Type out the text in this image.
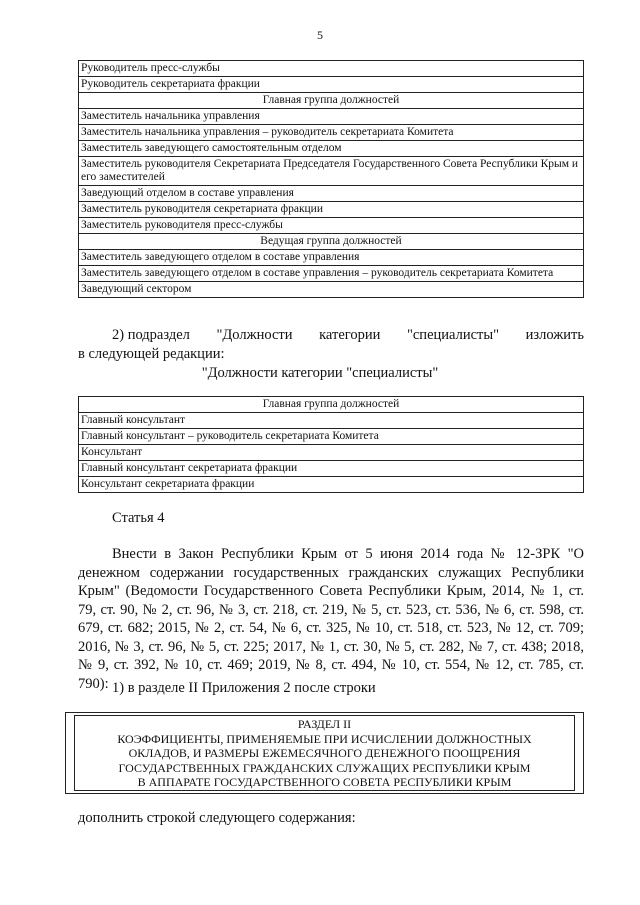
5
Руководитель пресс-службы
Руководитель секретариата фракции
Главная группа должностей
Заместитель начальника управления
Заместитель начальника управления – руководитель секретариата Комитета
Заместитель заведующего самостоятельным отделом
Заместитель руководителя Секретариата Председателя Государственного Совета Республики Крым и его заместителей
Заведующий отделом в составе управления
Заместитель руководителя секретариата фракции
Заместитель руководителя пресс-службы
Ведущая группа должностей
Заместитель заведующего отделом в составе управления
Заместитель заведующего отделом в составе управления – руководитель секретариата Комитета
Заведующий сектором
2) подраздел "Должности категории "специалисты" изложить
в следующей редакции:
"Должности категории "специалисты"
Главная группа должностей
Главный консультант
Главный консультант – руководитель секретариата Комитета
Консультант
Главный консультант секретариата фракции
Консультант секретариата фракции
Статья 4
Внести в Закон Республики Крым от 5 июня 2014 года № 12-ЗРК "О денежном содержании государственных гражданских служащих Республики Крым" (Ведомости Государственного Совета Республики Крым, 2014, № 1, ст. 79, ст. 90, № 2, ст. 96, № 3, ст. 218, ст. 219, № 5, ст. 523, ст. 536, № 6, ст. 598, ст. 679, ст. 682; 2015, № 2, ст. 54, № 6, ст. 325, № 10, ст. 518, ст. 523, № 12, ст. 709; 2016, № 3, ст. 96, № 5, ст. 225; 2017, № 1, ст. 30, № 5, ст. 282, № 7, ст. 438; 2018, № 9, ст. 392, № 10, ст. 469; 2019, № 8, ст. 494, № 10, ст. 554, № 12, ст. 785, ст. 790): 1) в разделе II Приложения 2 после строки
РАЗДЕЛ II
КОЭФФИЦИЕНТЫ, ПРИМЕНЯЕМЫЕ ПРИ ИСЧИСЛЕНИИ ДОЛЖНОСТНЫХ
ОКЛАДОВ, И РАЗМЕРЫ ЕЖЕМЕСЯЧНОГО ДЕНЕЖНОГО ПООЩРЕНИЯ
ГОСУДАРСТВЕННЫХ ГРАЖДАНСКИХ СЛУЖАЩИХ РЕСПУБЛИКИ КРЫМ
В АППАРАТЕ ГОСУДАРСТВЕННОГО СОВЕТА РЕСПУБЛИКИ КРЫМ
дополнить строкой следующего содержания:
